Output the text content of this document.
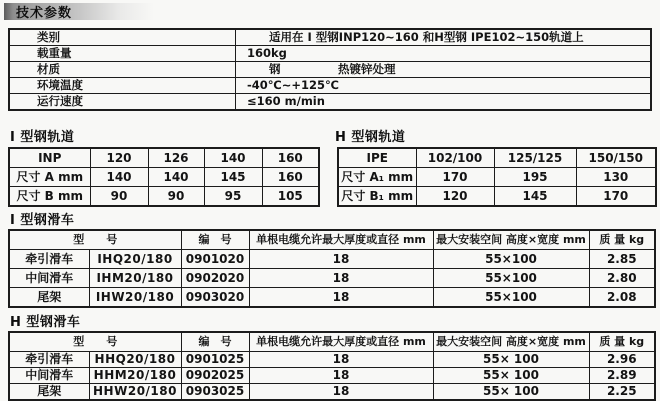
技术参数
类别	适用在 I 型钢INP120~160 和H型钢 IPE102~150轨道上
载重量	160kg
材质	钢　　　　　热镀锌处理
环境温度	-40℃~+125℃
运行速度	≤160 m/min
I 型钢轨道	H 型钢轨道
INP	120	126	140	160
尺寸 A mm	140	140	145	160
尺寸 B mm	90	90	95	105
IPE	102/100	125/125	150/150
尺寸 A₁ mm	170	195	130
尺寸 B₁ mm	120	145	170
I 型钢滑车
型　　号		编　号	单根电缆允许最大厚度或直径 mm	最大安装空间 高度×宽度 mm	质 量 kg
牵引滑车	IHQ20/180	0901020	18	55×100	2.85
中间滑车	IHM20/180	0902020	18	55×100	2.80
尾架	IHW20/180	0903020	18	55×100	2.08
H 型钢滑车
型　　号		编　号	单根电缆允许最大厚度或直径 mm	最大安装空间 高度×宽度 mm	质 量 kg
牵引滑车	HHQ20/180	0901025	18	55× 100	2.96
中间滑车	HHM20/180	0902025	18	55× 100	2.89
尾架	HHW20/180	0903025	18	55× 100	2.25
